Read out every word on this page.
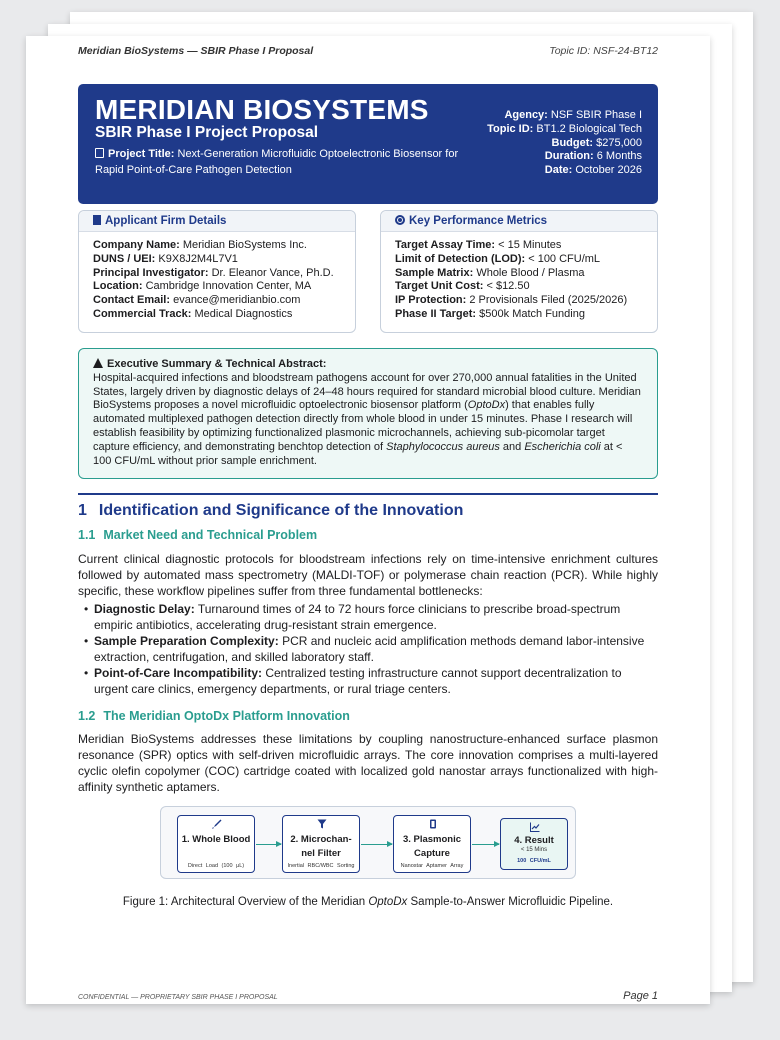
Meridian BioSystems — SBIR Phase I Proposal	Topic ID: NSF-24-BT12
MERIDIAN BIOSYSTEMS
SBIR Phase I Project Proposal
Project Title: Next-Generation Microfluidic Optoelectronic Biosensor for Rapid Point-of-Care Pathogen Detection
Agency: NSF SBIR Phase I
Topic ID: BT1.2 Biological Tech
Budget: $275,000
Duration: 6 Months
Date: October 2026
Applicant Firm Details
Company Name: Meridian BioSystems Inc.
DUNS / UEI: K9X8J2M4L7V1
Principal Investigator: Dr. Eleanor Vance, Ph.D.
Location: Cambridge Innovation Center, MA
Contact Email: evance@meridianbio.com
Commercial Track: Medical Diagnostics
Key Performance Metrics
Target Assay Time: < 15 Minutes
Limit of Detection (LOD): < 100 CFU/mL
Sample Matrix: Whole Blood / Plasma
Target Unit Cost: < $12.50
IP Protection: 2 Provisionals Filed (2025/2026)
Phase II Target: $500k Match Funding
Executive Summary & Technical Abstract:
Hospital-acquired infections and bloodstream pathogens account for over 270,000 annual fatalities in the United States, largely driven by diagnostic delays of 24–48 hours required for standard microbial blood culture. Meridian BioSystems proposes a novel microfluidic optoelectronic biosensor platform (OptoDx) that enables fully automated multiplexed pathogen detection directly from whole blood in under 15 minutes. Phase I research will establish feasibility by optimizing functionalized plasmonic microchannels, achieving sub-picomolar target capture efficiency, and demonstrating benchtop detection of Staphylococcus aureus and Escherichia coli at < 100 CFU/mL without prior sample enrichment.
1 Identification and Significance of the Innovation
1.1 Market Need and Technical Problem
Current clinical diagnostic protocols for bloodstream infections rely on time-intensive enrichment cultures followed by automated mass spectrometry (MALDI-TOF) or polymerase chain reaction (PCR). While highly specific, these workflow pipelines suffer from three fundamental bottlenecks:
• Diagnostic Delay: Turnaround times of 24 to 72 hours force clinicians to prescribe broad-spectrum empiric antibiotics, accelerating drug-resistant strain emergence.
• Sample Preparation Complexity: PCR and nucleic acid amplification methods demand labor-intensive extraction, centrifugation, and skilled laboratory staff.
• Point-of-Care Incompatibility: Centralized testing infrastructure cannot support decentralization to urgent care clinics, emergency departments, or rural triage centers.
1.2 The Meridian OptoDx Platform Innovation
Meridian BioSystems addresses these limitations by coupling nanostructure-enhanced surface plasmon resonance (SPR) optics with self-driven microfluidic arrays. The core innovation comprises a multi-layered cyclic olefin copolymer (COC) cartridge coated with localized gold nanostar arrays functionalized with high-affinity synthetic aptamers.
1. Whole Blood
Direct Load (100 μL)
2. Microchan-nel Filter
Inertial RBC/WBC Sorting
3. Plasmonic Capture
Nanostar Aptamer Array
4. Result
< 15 Mins
100 CFU/mL
Figure 1: Architectural Overview of the Meridian OptoDx Sample-to-Answer Microfluidic Pipeline.
CONFIDENTIAL — PROPRIETARY SBIR PHASE I PROPOSAL	Page 1
